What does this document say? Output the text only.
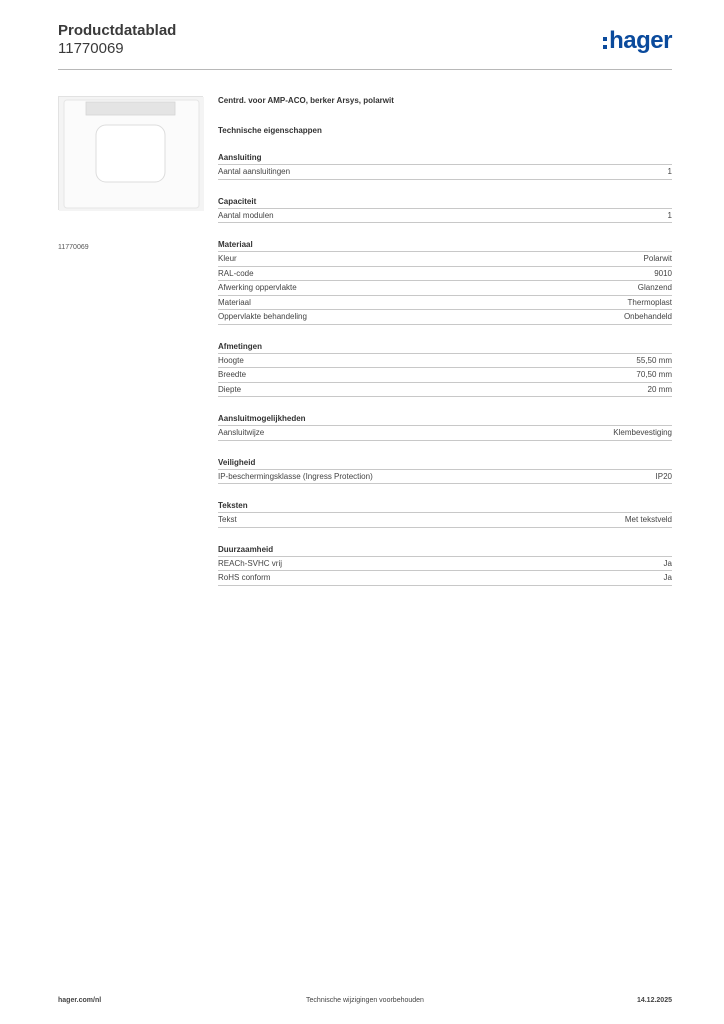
Productdatablad
11770069	hager
11770069
Centrd. voor AMP-ACO, berker Arsys, polarwit
Technische eigenschappen
Aansluiting
Aantal aansluitingen	1
Capaciteit
Aantal modulen	1
Materiaal
Kleur	Polarwit
RAL-code	9010
Afwerking oppervlakte	Glanzend
Materiaal	Thermoplast
Oppervlakte behandeling	Onbehandeld
Afmetingen
Hoogte	55,50 mm
Breedte	70,50 mm
Diepte	20 mm
Aansluitmogelijkheden
Aansluitwijze	Klembevestiging
Veiligheid
IP-beschermingsklasse (Ingress Protection)	IP20
Teksten
Tekst	Met tekstveld
Duurzaamheid
REACh-SVHC vrij	Ja
RoHS conform	Ja
hager.com/nl	Technische wijzigingen voorbehouden	14.12.2025
